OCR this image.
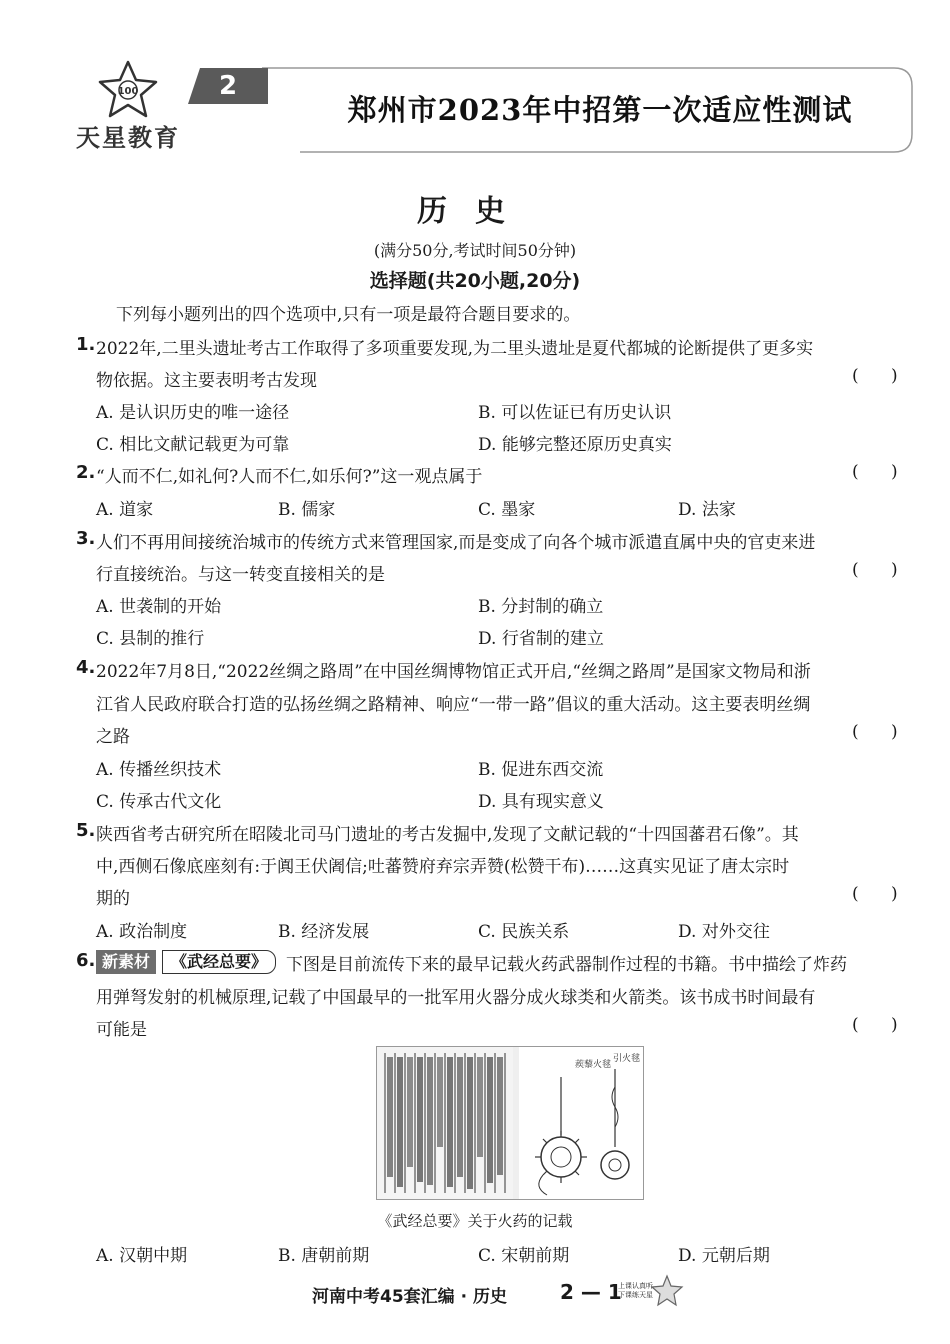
100
天星教育
2
郑州市2023年中招第一次适应性测试
历史
(满分50分,考试时间50分钟)
选择题(共20小题,20分)
下列每小题列出的四个选项中,只有一项是最符合题目要求的。
1. 2022年,二里头遗址考古工作取得了多项重要发现,为二里头遗址是夏代都城的论断提供了更多实
物依据。这主要表明考古发现	(      )
A. 是认识历史的唯一途径	B. 可以佐证已有历史认识
C. 相比文献记载更为可靠	D. 能够完整还原历史真实
2. “人而不仁,如礼何?人而不仁,如乐何?”这一观点属于	(      )
A. 道家	B. 儒家	C. 墨家	D. 法家
3. 人们不再用间接统治城市的传统方式来管理国家,而是变成了向各个城市派遣直属中央的官吏来进
行直接统治。与这一转变直接相关的是	(      )
A. 世袭制的开始	B. 分封制的确立
C. 县制的推行	D. 行省制的建立
4. 2022年7月8日,“2022丝绸之路周”在中国丝绸博物馆正式开启,“丝绸之路周”是国家文物局和浙
江省人民政府联合打造的弘扬丝绸之路精神、响应“一带一路”倡议的重大活动。这主要表明丝绸
之路	(      )
A. 传播丝织技术	B. 促进东西交流
C. 传承古代文化	D. 具有现实意义
5. 陕西省考古研究所在昭陵北司马门遗址的考古发掘中,发现了文献记载的“十四国蕃君石像”。其
中,西侧石像底座刻有:于阗王伏阇信;吐蕃赞府弃宗弄赞(松赞干布)……这真实见证了唐太宗时
期的	(      )
A. 政治制度	B. 经济发展	C. 民族关系	D. 对外交往
6. 新素材	《武经总要》	下图是目前流传下来的最早记载火药武器制作过程的书籍。书中描绘了炸药
用弹弩发射的机械原理,记载了中国最早的一批军用火器分成火球类和火箭类。该书成书时间最有
可能是	(      )
蒺藜火毬
引火毬
《武经总要》关于火药的记载
A. 汉朝中期	B. 唐朝前期	C. 宋朝前期	D. 元朝后期
河南中考45套汇编 · 历史	2 — 1
上课认真听 下课练天星
